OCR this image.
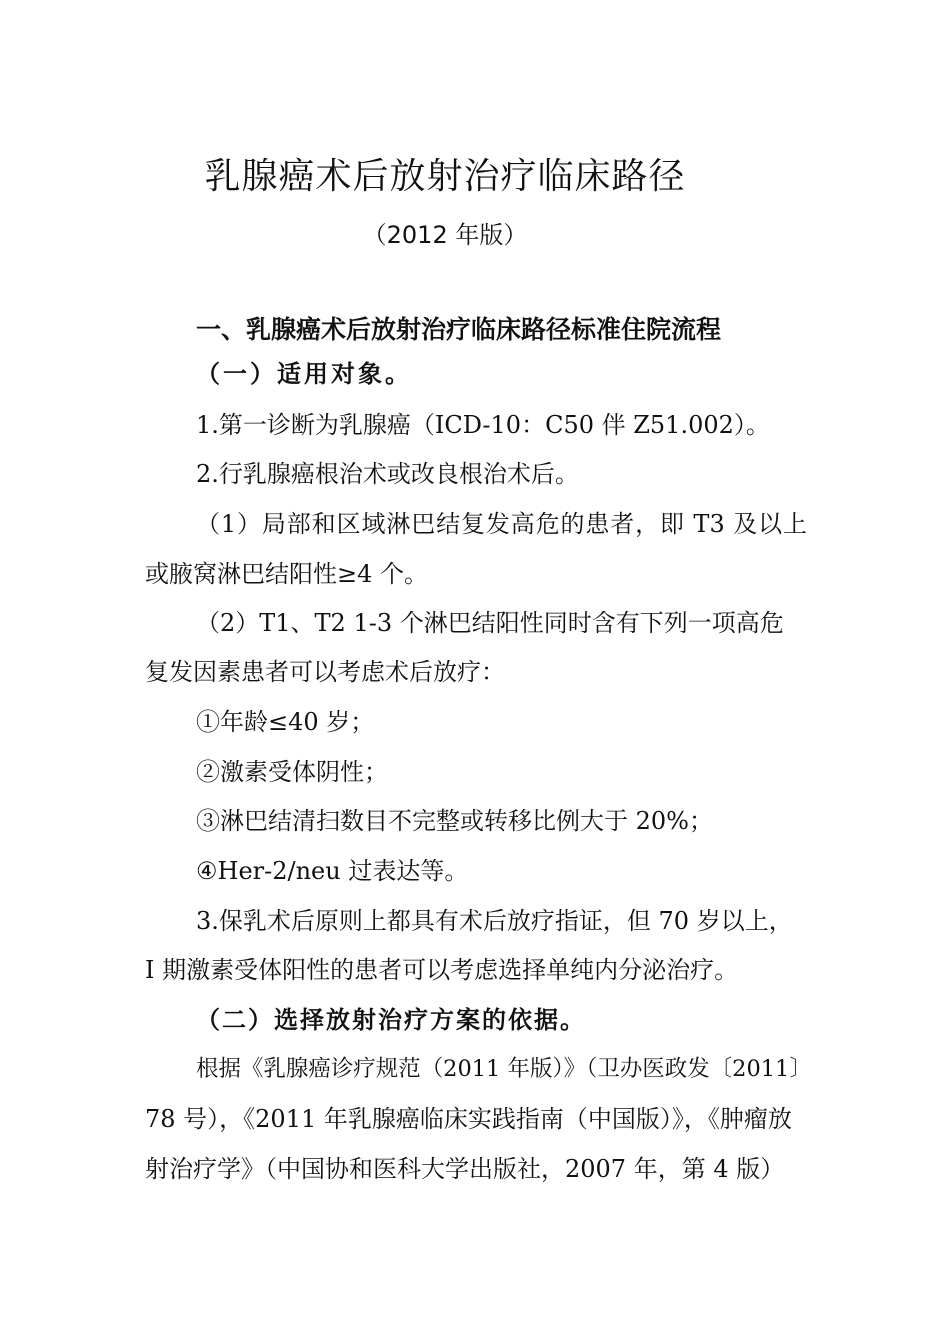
乳腺癌术后放射治疗临床路径
（2012 年版）
一、乳腺癌术后放射治疗临床路径标准住院流程
（一）适用对象。
1.第一诊断为乳腺癌（ICD-10：C50 伴 Z51.002）。
2.行乳腺癌根治术或改良根治术后。
（1）局部和区域淋巴结复发高危的患者，即 T3 及以上
或腋窝淋巴结阳性≥4 个。
（2）T1、T2 1-3 个淋巴结阳性同时含有下列一项高危
复发因素患者可以考虑术后放疗：
①年龄≤40 岁；
②激素受体阴性；
③淋巴结清扫数目不完整或转移比例大于 20%；
④Her-2/neu 过表达等。
3.保乳术后原则上都具有术后放疗指证，但 70 岁以上，
I 期激素受体阳性的患者可以考虑选择单纯内分泌治疗。
（二）选择放射治疗方案的依据。
根据《乳腺癌诊疗规范（2011 年版）》（卫办医政发〔2011〕
78 号），《2011 年乳腺癌临床实践指南（中国版）》，《肿瘤放
射治疗学》（中国协和医科大学出版社，2007 年，第 4 版）
